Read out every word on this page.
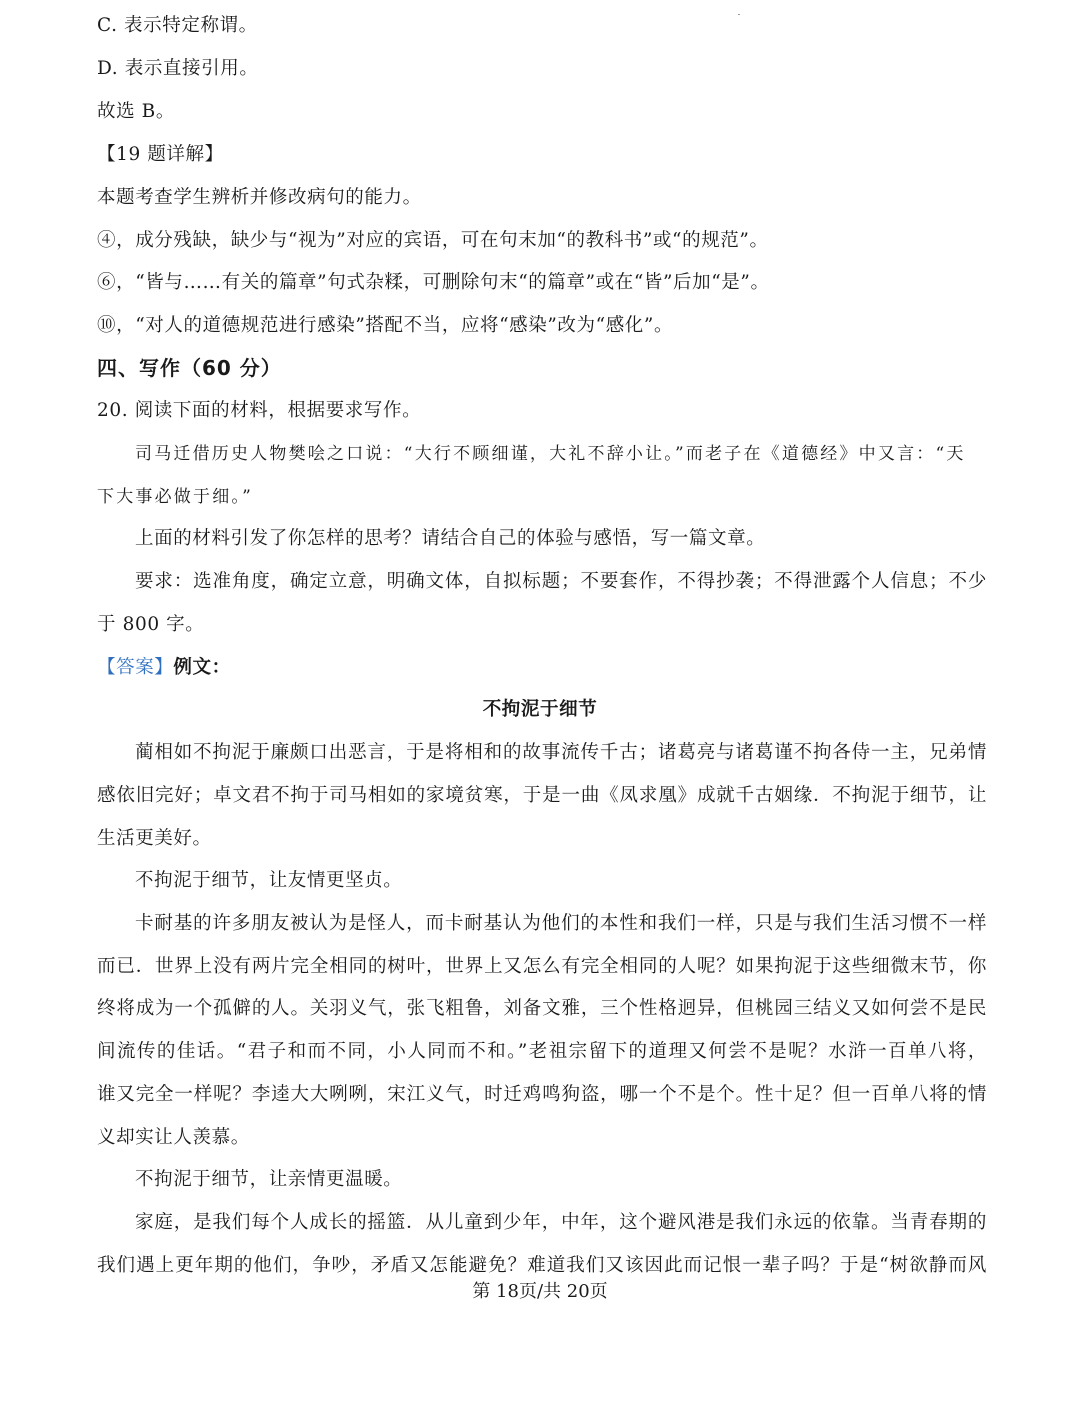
C. 表示特定称谓。
D. 表示直接引用。
故选 B。
【19 题详解】
本题考查学生辨析并修改病句的能力。
④，成分残缺，缺少与“视为”对应的宾语，可在句末加“的教科书”或“的规范”。
⑥，“皆与……有关的篇章”句式杂糅，可删除句末“的篇章”或在“皆”后加“是”。
⑩，“对人的道德规范进行感染”搭配不当，应将“感染”改为“感化”。
四、写作（60 分）
20. 阅读下面的材料，根据要求写作。
司马迁借历史人物樊哙之口说：“大行不顾细谨，大礼不辞小让。”而老子在《道德经》中又言：“天
下大事必做于细。”
上面的材料引发了你怎样的思考？请结合自己的体验与感悟，写一篇文章。
要求：选准角度，确定立意，明确文体，自拟标题；不要套作，不得抄袭；不得泄露个人信息；不少
于 800 字。
【答案】例文：
不拘泥于细节
蔺相如不拘泥于廉颇口出恶言，于是将相和的故事流传千古；诸葛亮与诸葛谨不拘各侍一主，兄弟情
感依旧完好；卓文君不拘于司马相如的家境贫寒，于是一曲《凤求凰》成就千古姻缘．不拘泥于细节，让
生活更美好。
不拘泥于细节，让友情更坚贞。
卡耐基的许多朋友被认为是怪人，而卡耐基认为他们的本性和我们一样，只是与我们生活习惯不一样
而已．世界上没有两片完全相同的树叶，世界上又怎么有完全相同的人呢？如果拘泥于这些细微末节，你
终将成为一个孤僻的人。关羽义气，张飞粗鲁，刘备文雅，三个性格迥异，但桃园三结义又如何尝不是民
间流传的佳话。“君子和而不同，小人同而不和。”老祖宗留下的道理又何尝不是呢？水浒一百单八将，
谁又完全一样呢？李逵大大咧咧，宋江义气，时迁鸡鸣狗盗，哪一个不是个。性十足？但一百单八将的情
义却实让人羡慕。
不拘泥于细节，让亲情更温暖。
家庭，是我们每个人成长的摇篮．从儿童到少年，中年，这个避风港是我们永远的依靠。当青春期的
我们遇上更年期的他们，争吵，矛盾又怎能避免？难道我们又该因此而记恨一辈子吗？于是“树欲静而风
第 18页/共 20页
